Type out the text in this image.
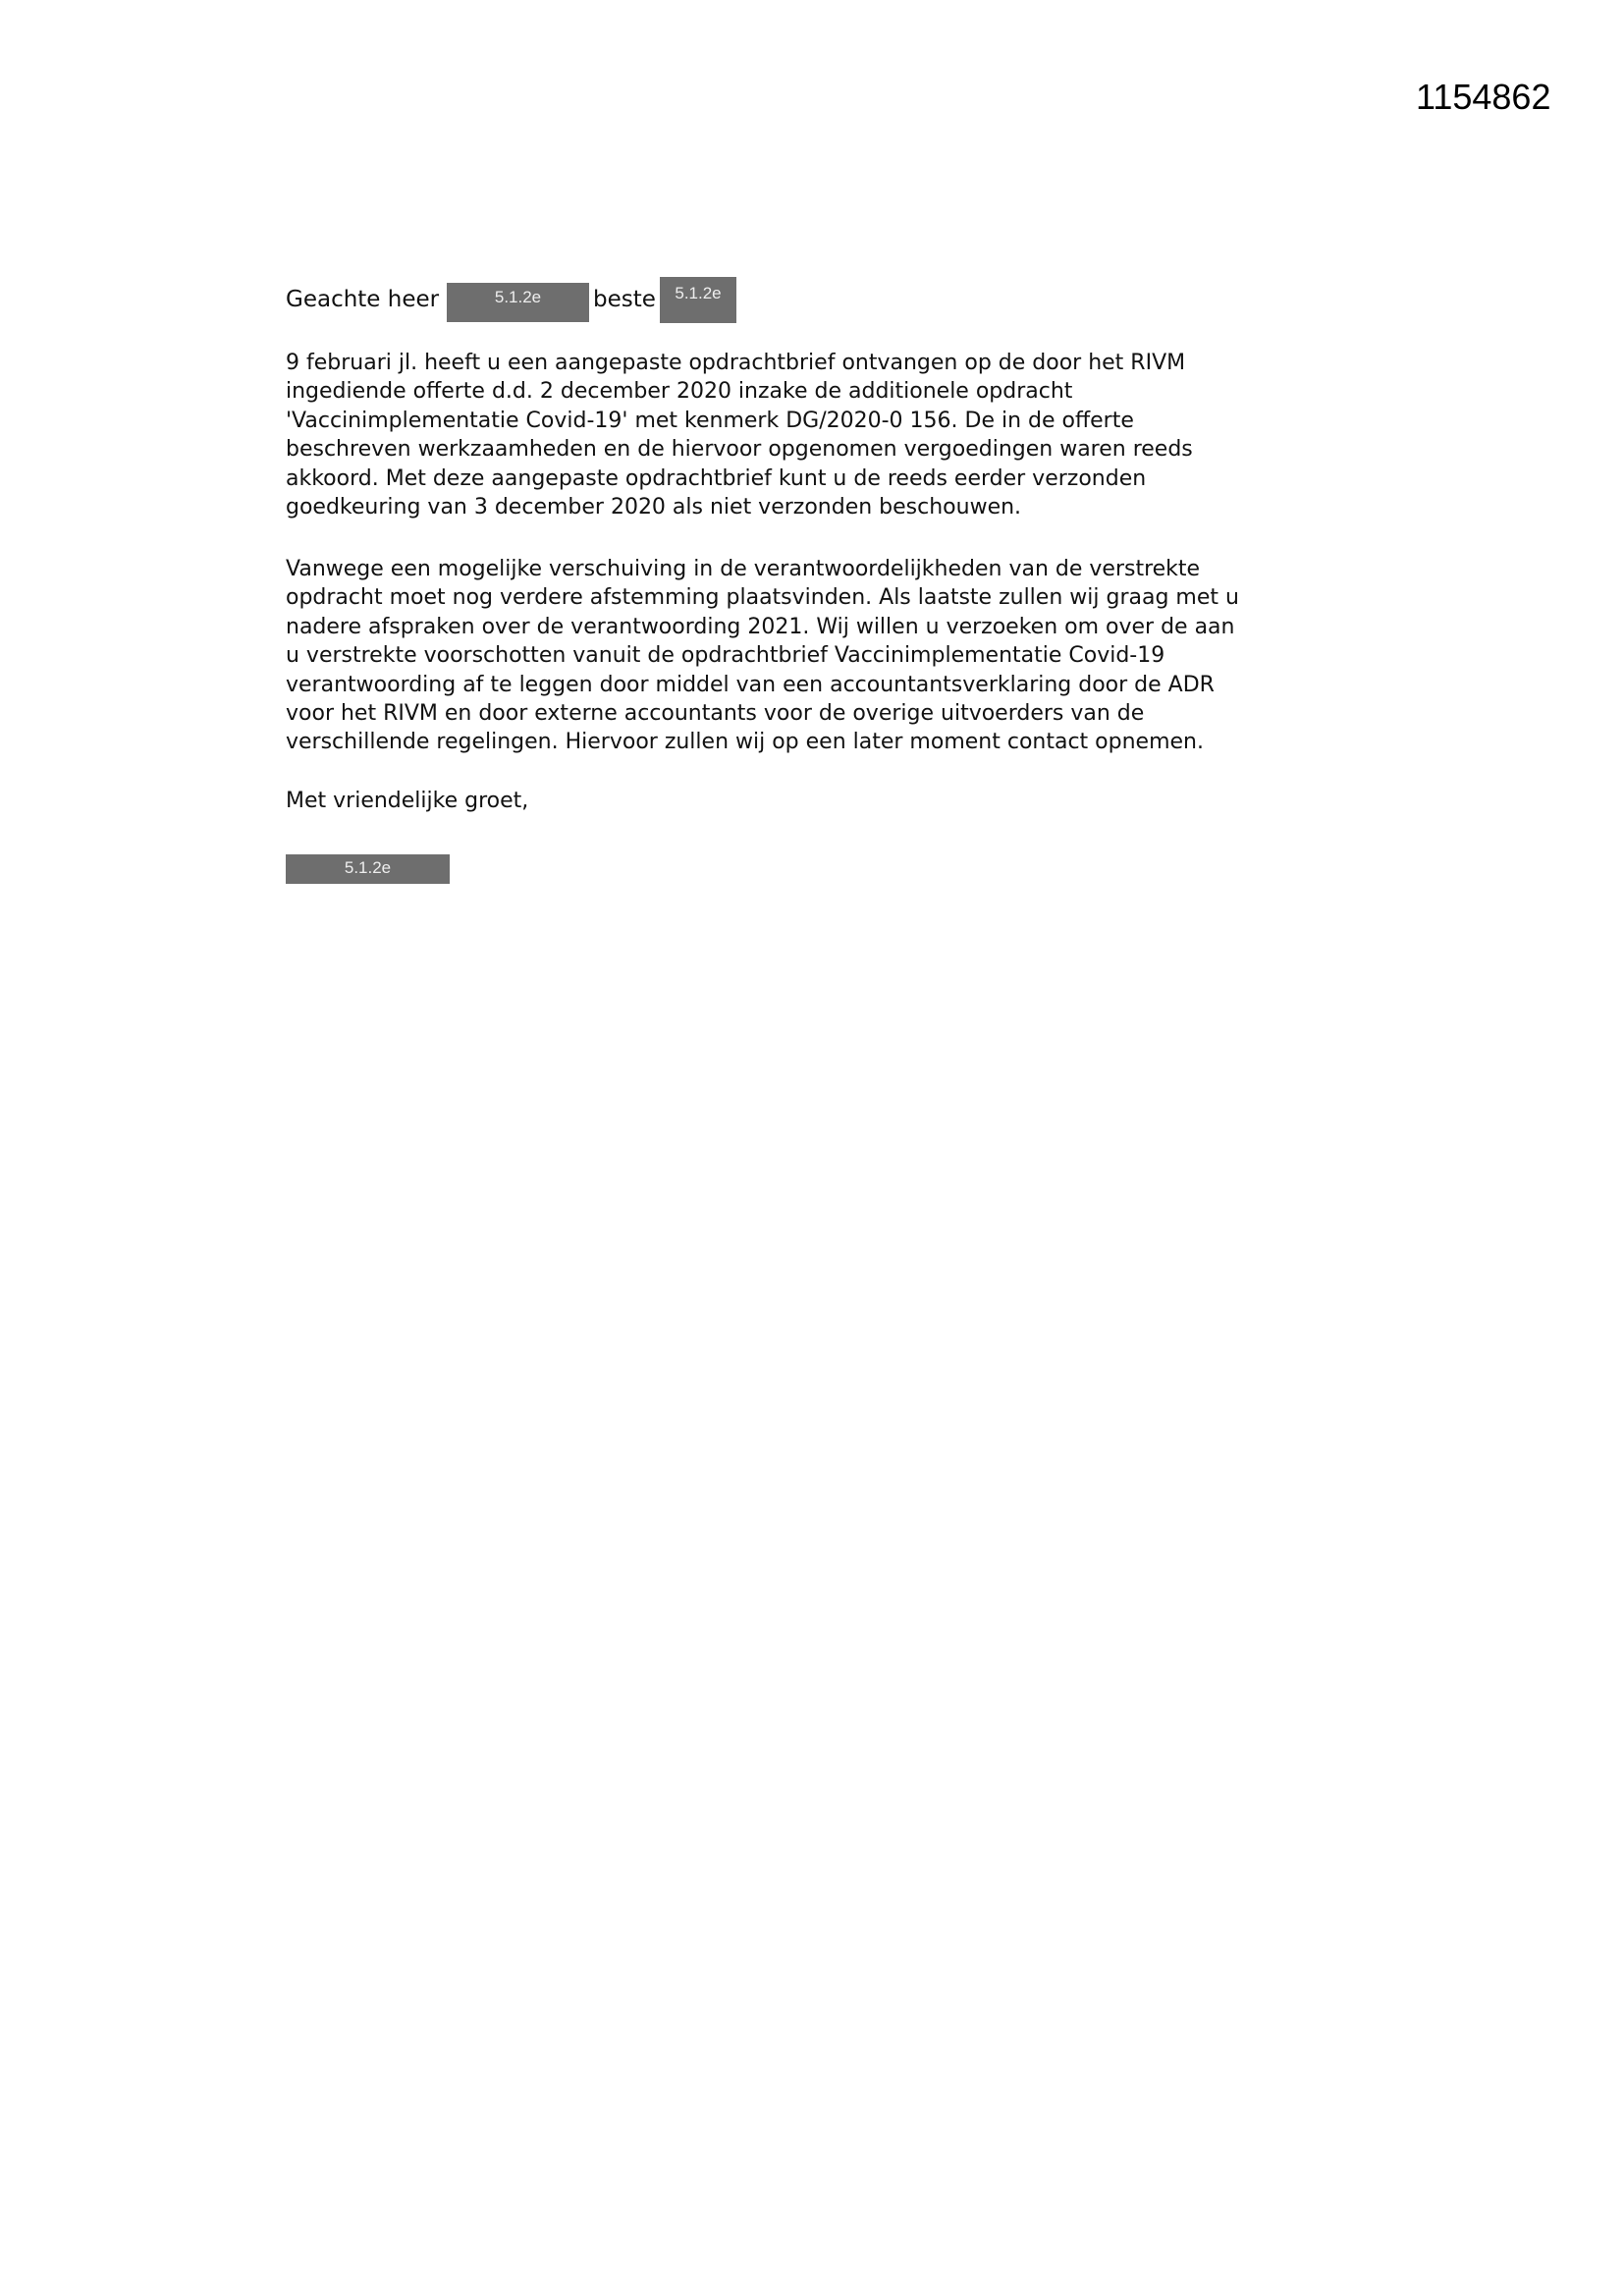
1154862
Geachte heer	5.1.2e	beste	5.1.2e
9 februari jl. heeft u een aangepaste opdrachtbrief ontvangen op de door het RIVM
ingediende offerte d.d. 2 december 2020 inzake de additionele opdracht
'Vaccinimplementatie Covid-19' met kenmerk DG/2020-0 156. De in de offerte
beschreven werkzaamheden en de hiervoor opgenomen vergoedingen waren reeds
akkoord. Met deze aangepaste opdrachtbrief kunt u de reeds eerder verzonden
goedkeuring van 3 december 2020 als niet verzonden beschouwen.
Vanwege een mogelijke verschuiving in de verantwoordelijkheden van de verstrekte
opdracht moet nog verdere afstemming plaatsvinden. Als laatste zullen wij graag met u
nadere afspraken over de verantwoording 2021. Wij willen u verzoeken om over de aan
u verstrekte voorschotten vanuit de opdrachtbrief Vaccinimplementatie Covid-19
verantwoording af te leggen door middel van een accountantsverklaring door de ADR
voor het RIVM en door externe accountants voor de overige uitvoerders van de
verschillende regelingen. Hiervoor zullen wij op een later moment contact opnemen.
Met vriendelijke groet,
5.1.2e
